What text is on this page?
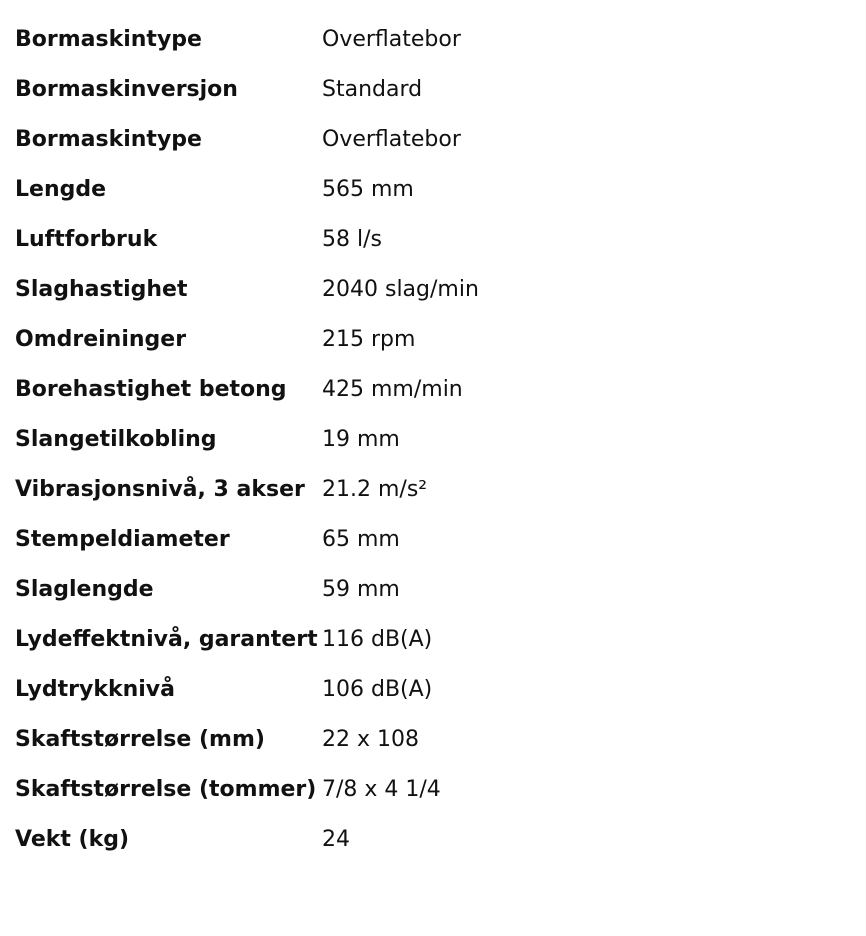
Bormaskintype	Overflatebor
Bormaskinversjon	Standard
Bormaskintype	Overflatebor
Lengde	565 mm
Luftforbruk	58 l/s
Slaghastighet	2040 slag/min
Omdreininger	215 rpm
Borehastighet betong	425 mm/min
Slangetilkobling	19 mm
Vibrasjonsnivå, 3 akser	21.2 m/s²
Stempeldiameter	65 mm
Slaglengde	59 mm
Lydeffektnivå, garantert	116 dB(A)
Lydtrykknivå	106 dB(A)
Skaftstørrelse (mm)	22 x 108
Skaftstørrelse (tommer)	7/8 x 4 1/4
Vekt (kg)	24
